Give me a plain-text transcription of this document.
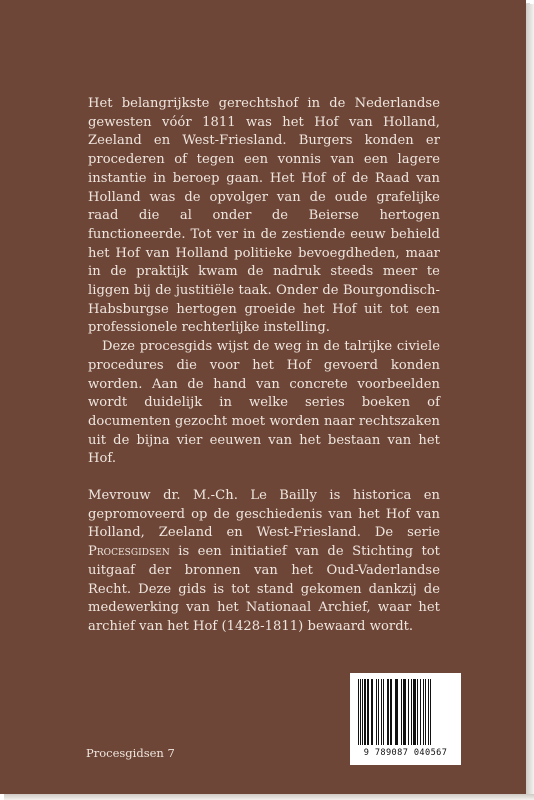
Het belangrijkste gerechtshof in de Nederlandse gewesten vóór 1811 was het Hof van Holland, Zeeland en West-Friesland. Burgers konden er procederen of tegen een vonnis van een lagere instantie in beroep gaan. Het Hof of de Raad van Holland was de opvolger van de oude grafelijke raad die al onder de Beierse hertogen functioneerde. Tot ver in de zestiende eeuw behield het Hof van Holland politieke bevoegdheden, maar in de praktijk kwam de nadruk steeds meer te liggen bij de justitiële taak. Onder de Bourgondisch-Habsburgse hertogen groeide het Hof uit tot een professionele rechterlijke instelling.

Deze procesgids wijst de weg in de talrijke civiele procedures die voor het Hof gevoerd konden worden. Aan de hand van concrete voorbeelden wordt duidelijk in welke series boeken of documenten gezocht moet worden naar rechtszaken uit de bijna vier eeuwen van het bestaan van het Hof.

Mevrouw dr. M.-Ch. Le Bailly is historica en gepromoveerd op de geschiedenis van het Hof van Holland, Zeeland en West-Friesland. De serie Procesgidsen is een initiatief van de Stichting tot uitgaaf der bronnen van het Oud-Vaderlandse Recht. Deze gids is tot stand gekomen dankzij de medewerking van het Nationaal Archief, waar het archief van het Hof (1428-1811) bewaard wordt.

Procesgidsen 7	9 789087 040567
